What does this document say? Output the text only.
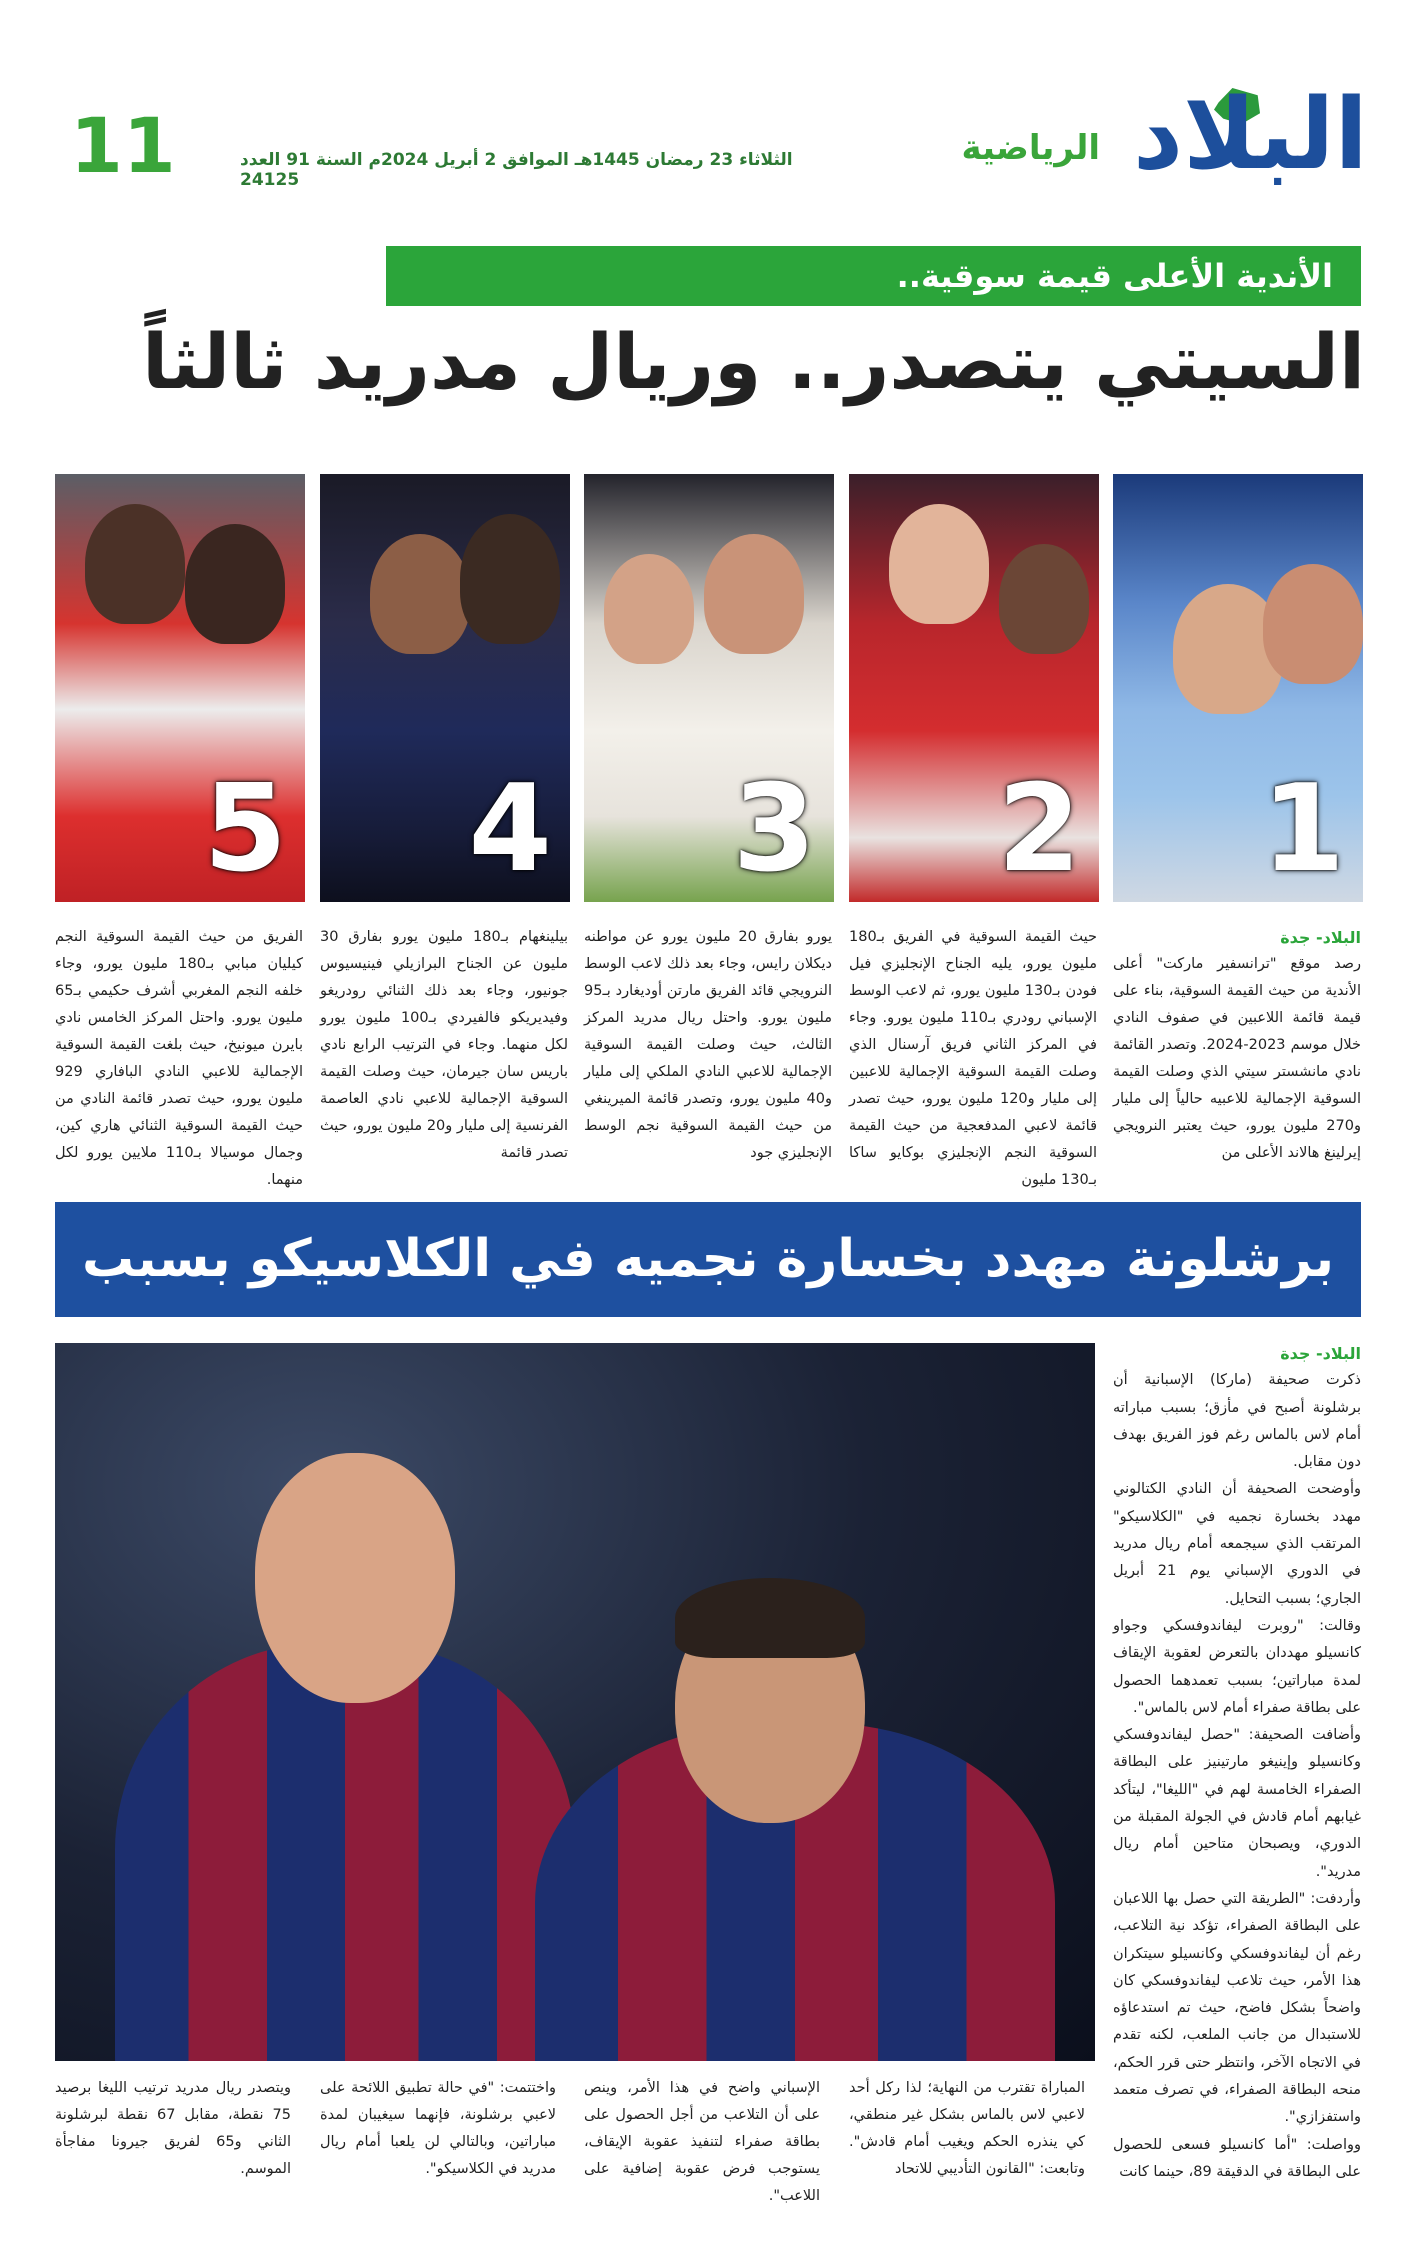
11	الثلاثاء 23 رمضان 1445هـ الموافق 2 أبريل 2024م السنة 91 العدد 24125
الرياضية البلاد
الأندية الأعلى قيمة سوقية..
السيتي يتصدر.. وريال مدريد ثالثاً
1
2
3
4
5
البلاد- جدة

رصد موقع "ترانسفير ماركت" أعلى الأندية من حيث القيمة السوقية، بناء على قيمة قائمة اللاعبين في صفوف النادي خلال موسم 2023-2024. وتصدر القائمة نادي مانشستر سيتي الذي وصلت القيمة السوقية الإجمالية للاعبيه حالياً إلى مليار و270 مليون يورو، حيث يعتبر النرويجي إيرلينغ هالاند الأعلى من

حيث القيمة السوقية في الفريق بـ180 مليون يورو، يليه الجناح الإنجليزي فيل فودن بـ130 مليون يورو، ثم لاعب الوسط الإسباني رودري بـ110 مليون يورو. وجاء في المركز الثاني فريق آرسنال الذي وصلت القيمة السوقية الإجمالية للاعبين إلى مليار و120 مليون يورو، حيث تصدر قائمة لاعبي المدفعجية من حيث القيمة السوقية النجم الإنجليزي بوكايو ساكا بـ130 مليون

يورو بفارق 20 مليون يورو عن مواطنه ديكلان رايس، وجاء بعد ذلك لاعب الوسط النرويجي قائد الفريق مارتن أوديغارد بـ95 مليون يورو. واحتل ريال مدريد المركز الثالث، حيث وصلت القيمة السوقية الإجمالية للاعبي النادي الملكي إلى مليار و40 مليون يورو، وتصدر قائمة الميرينغي من حيث القيمة السوقية نجم الوسط الإنجليزي جود

بيلينغهام بـ180 مليون يورو بفارق 30 مليون عن الجناح البرازيلي فينيسيوس جونيور، وجاء بعد ذلك الثنائي رودريغو وفيديريكو فالفيردي بـ100 مليون يورو لكل منهما. وجاء في الترتيب الرابع نادي باريس سان جيرمان، حيث وصلت القيمة السوقية الإجمالية للاعبي نادي العاصمة الفرنسية إلى مليار و20 مليون يورو، حيث تصدر قائمة

الفريق من حيث القيمة السوقية النجم كيليان مبابي بـ180 مليون يورو، وجاء خلفه النجم المغربي أشرف حكيمي بـ65 مليون يورو. واحتل المركز الخامس نادي بايرن ميونيخ، حيث بلغت القيمة السوقية الإجمالية للاعبي النادي البافاري 929 مليون يورو، حيث تصدر قائمة النادي من حيث القيمة السوقية الثنائي هاري كين، وجمال موسيالا بـ110 ملايين يورو لكل منهما.

برشلونة مهدد بخسارة نجميه في الكلاسيكو بسبب
البلاد- جدة

ذكرت صحيفة (ماركا) الإسبانية أن برشلونة أصبح في مأزق؛ بسبب مباراته أمام لاس بالماس رغم فوز الفريق بهدف دون مقابل.

وأوضحت الصحيفة أن النادي الكتالوني مهدد بخسارة نجميه في "الكلاسيكو" المرتقب الذي سيجمعه أمام ريال مدريد في الدوري الإسباني يوم 21 أبريل الجاري؛ بسبب التحايل.

وقالت: "روبرت ليفاندوفسكي وجواو كانسيلو مهددان بالتعرض لعقوبة الإيقاف لمدة مباراتين؛ بسبب تعمدهما الحصول على بطاقة صفراء أمام لاس بالماس".

وأضافت الصحيفة: "حصل ليفاندوفسكي وكانسيلو وإينيغو مارتينيز على البطاقة الصفراء الخامسة لهم في "الليغا"، ليتأكد غيابهم أمام قادش في الجولة المقبلة من الدوري، ويصبحان متاحين أمام ريال مدريد".

وأردفت: "الطريقة التي حصل بها اللاعبان على البطاقة الصفراء، تؤكد نية التلاعب، رغم أن ليفاندوفسكي وكانسيلو سيتكران هذا الأمر، حيث تلاعب ليفاندوفسكي كان واضحاً بشكل فاضح، حيث تم استدعاؤه للاستبدال من جانب الملعب، لكنه تقدم في الاتجاه الآخر، وانتظر حتى قرر الحكم، منحه البطاقة الصفراء، في تصرف متعمد واستفزازي".

وواصلت: "أما كانسيلو فسعى للحصول على البطاقة في الدقيقة 89، حينما كانت

المباراة تقترب من النهاية؛ لذا ركل أحد لاعبي لاس بالماس بشكل غير منطقي، كي ينذره الحكم ويغيب أمام قادش". وتابعت: "القانون التأديبي للاتحاد

الإسباني واضح في هذا الأمر، وينص على أن التلاعب من أجل الحصول على بطاقة صفراء لتنفيذ عقوبة الإيقاف، يستوجب فرض عقوبة إضافية على اللاعب".

واختتمت: "في حالة تطبيق اللائحة على لاعبي برشلونة، فإنهما سيغيبان لمدة مباراتين، وبالتالي لن يلعبا أمام ريال مدريد في الكلاسيكو".

ويتصدر ريال مدريد ترتيب الليغا برصيد 75 نقطة، مقابل 67 نقطة لبرشلونة الثاني و65 لفريق جيرونا مفاجأة الموسم.
